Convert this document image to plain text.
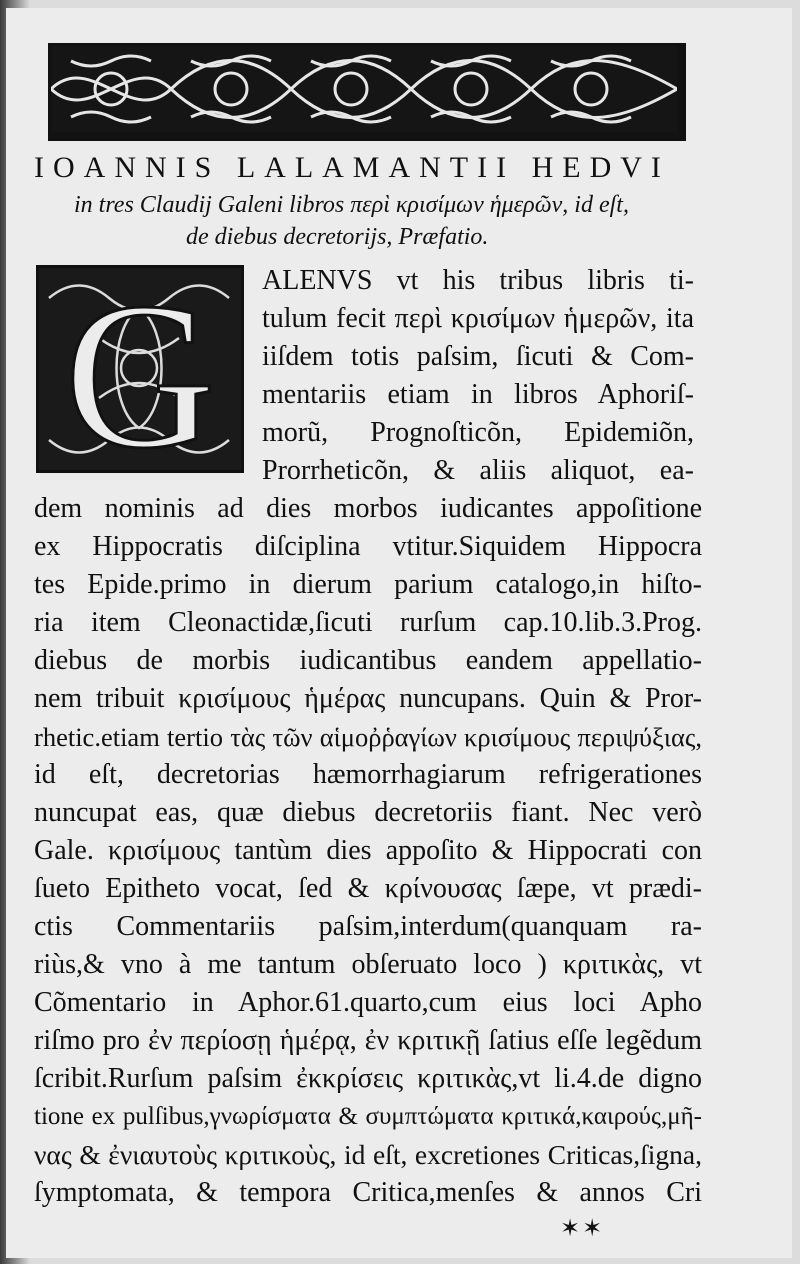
IOANNIS LALAMANTII HEDVI
in tres Claudij Galeni libros περὶ κρισίμων ἡμερῶν, id eſt,
de diebus decretorijs, Præfatio.
G ALENVS vt his tribus libris ti-
tulum fecit περὶ κρισίμων ἡμερῶν, ita
iiſdem totis paſsim, ſicuti & Com-
mentariis etiam in libros Aphoriſ-
morũ, Prognoſticõn, Epidemiõn,
Prorrheticõn, & aliis aliquot, ea-
dem nominis ad dies morbos iudicantes appoſitione
ex Hippocratis diſciplina vtitur.Siquidem Hippocra
tes Epide.primo in dierum parium catalogo,in hiſto-
ria item Cleonactidæ,ſicuti rurſum cap.10.lib.3.Prog.
diebus de morbis iudicantibus eandem appellatio-
nem tribuit κρισίμους ἡμέρας nuncupans. Quin & Pror-
rhetic.etiam tertio τὰς τῶν αἱμοῤῥαγίων κρισίμους περιψύξιας,
id eſt, decretorias hæmorrhagiarum refrigerationes
nuncupat eas, quæ diebus decretoriis fiant. Nec verò
Gale. κρισίμους tantùm dies appoſito & Hippocrati con
ſueto Epitheto vocat, ſed & κρίνουσας ſæpe, vt prædi-
ctis Commentariis paſsim,interdum(quanquam ra-
riùs,& vno à me tantum obſeruato loco ) κριτικὰς, vt
Cõmentario in Aphor.61.quarto,cum eius loci Apho
riſmo pro ἐν περίοσῃ ἡμέρᾳ, ἐν κριτικῇ ſatius eſſe legẽdum
ſcribit.Rurſum paſsim ἐκκρίσεις κριτικὰς,vt li.4.de digno
tione ex pulſibus,γνωρίσματα & συμπτώματα κριτικά,καιρούς,μῆ-
νας & ἐνιαυτοὺς κριτικοὺς, id eſt, excretiones Criticas,ſigna,
ſymptomata, & tempora Critica,menſes & annos Cri
✶✶
